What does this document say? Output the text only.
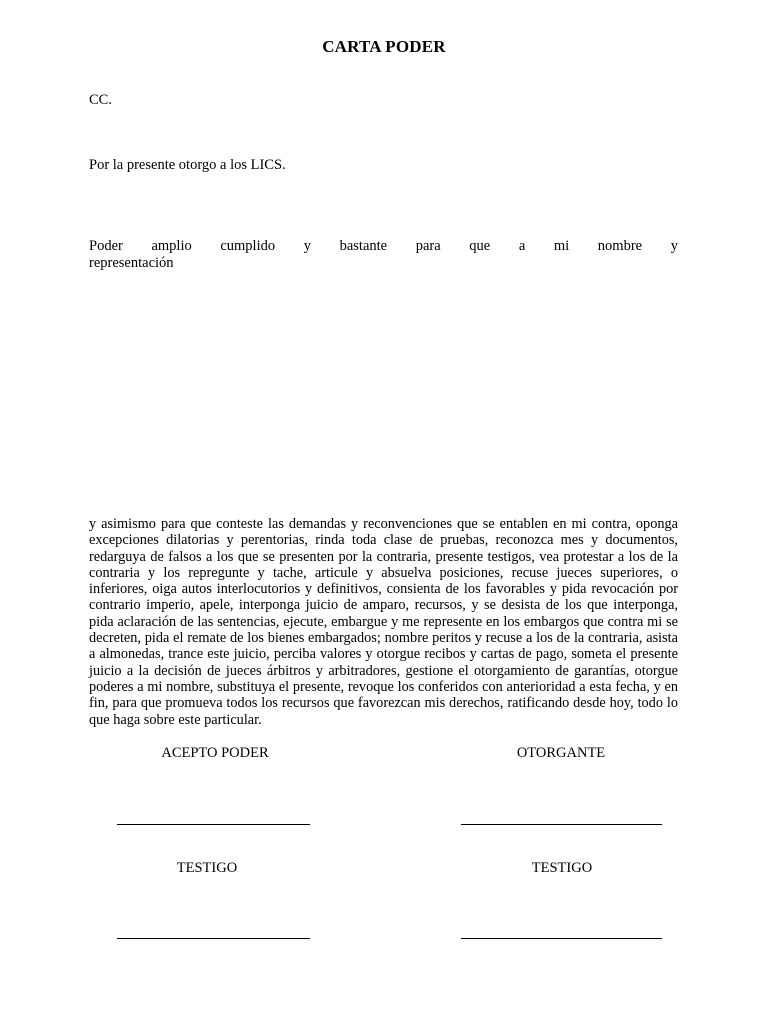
CARTA PODER
CC.
Por la presente otorgo a los LICS.
Poder amplio cumplido y bastante para que a mi nombre y
representación
y asimismo para que conteste las demandas y reconvenciones que se entablen en mi contra, oponga excepciones dilatorias y perentorias, rinda toda clase de pruebas, reconozca mes y documentos, redarguya de falsos a los que se presenten por la contraria, presente testigos, vea protestar a los de la contraria y los repregunte y tache, articule y absuelva posiciones, recuse jueces superiores, o inferiores, oiga autos interlocutorios y definitivos, consienta de los favorables y pida revocación por contrario imperio, apele, interponga juicio de amparo, recursos, y se desista de los que interponga, pida aclaración de las sentencias, ejecute, embargue y me represente en los embargos que contra mi se decreten, pida el remate de los bienes embargados; nombre peritos y recuse a los de la contraria, asista a almonedas, trance este juicio, perciba valores y otorgue recibos y cartas de pago, someta el presente juicio a la decisión de jueces árbitros y arbitradores, gestione el otorgamiento de garantías, otorgue poderes a mi nombre, substituya el presente, revoque los conferidos con anterioridad a esta fecha, y en fin, para que promueva todos los recursos que favorezcan mis derechos, ratificando desde hoy, todo lo que haga sobre este particular.
ACEPTO PODER	OTORGANTE
TESTIGO	TESTIGO
